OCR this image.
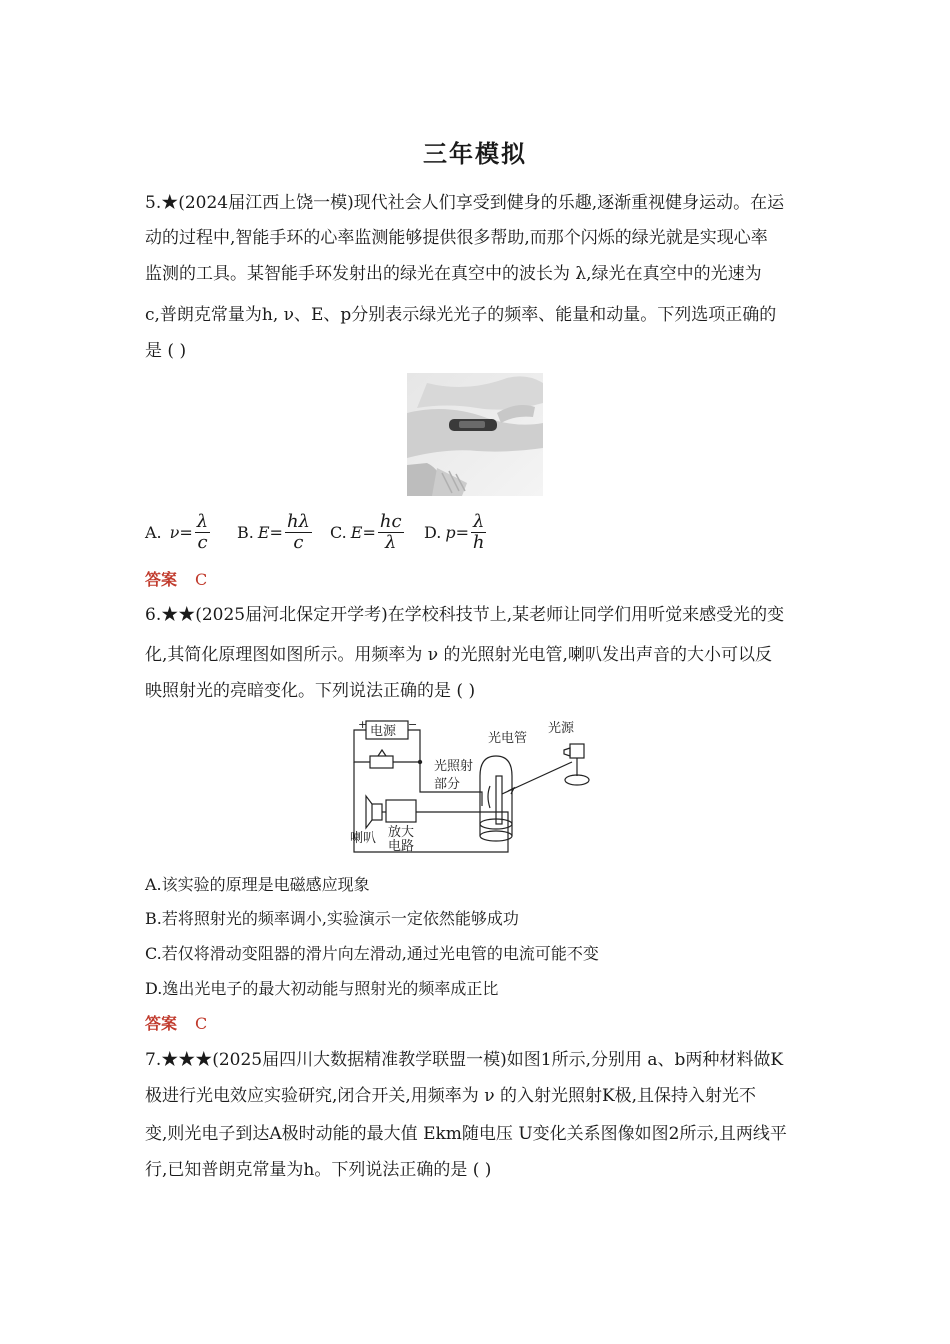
三年模拟
5.★(2024届江西上饶一模)现代社会人们享受到健身的乐趣,逐渐重视健身运动。在运
动的过程中,智能手环的心率监测能够提供很多帮助,而那个闪烁的绿光就是实现心率
监测的工具。某智能手环发射出的绿光在真空中的波长为 λ,绿光在真空中的光速为
c,普朗克常量为h, ν、E、p分别表示绿光光子的频率、能量和动量。下列选项正确的
是 ( )
A. $\nu= \frac{\lambda}{c} B$. $E= \frac{h\lambda}{c} C$. $E= \frac{hc}{\lambda} D$. $p= \frac{\lambda}{h}$
答案 C
6.★★(2025届河北保定开学考)在学校科技节上,某老师让同学们用听觉来感受光的变
化,其简化原理图如图所示。用频率为 ν 的光照射光电管,喇叭发出声音的大小可以反
映照射光的亮暗变化。下列说法正确的是 ( )
+	−
电源	光电管
光源
光照射
部分
喇叭 放大
电路
A.该实验的原理是电磁感应现象
B.若将照射光的频率调小,实验演示一定依然能够成功
C.若仅将滑动变阻器的滑片向左滑动,通过光电管的电流可能不变
D.逸出光电子的最大初动能与照射光的频率成正比
答案 C
7.★★★(2025届四川大数据精准教学联盟一模)如图1所示,分别用 a、b两种材料做K
极进行光电效应实验研究,闭合开关,用频率为 ν 的入射光照射K极,且保持入射光不
变,则光电子到达A极时动能的最大值 Ekm随电压 U变化关系图像如图2所示,且两线平
行,已知普朗克常量为h。下列说法正确的是 ( )
